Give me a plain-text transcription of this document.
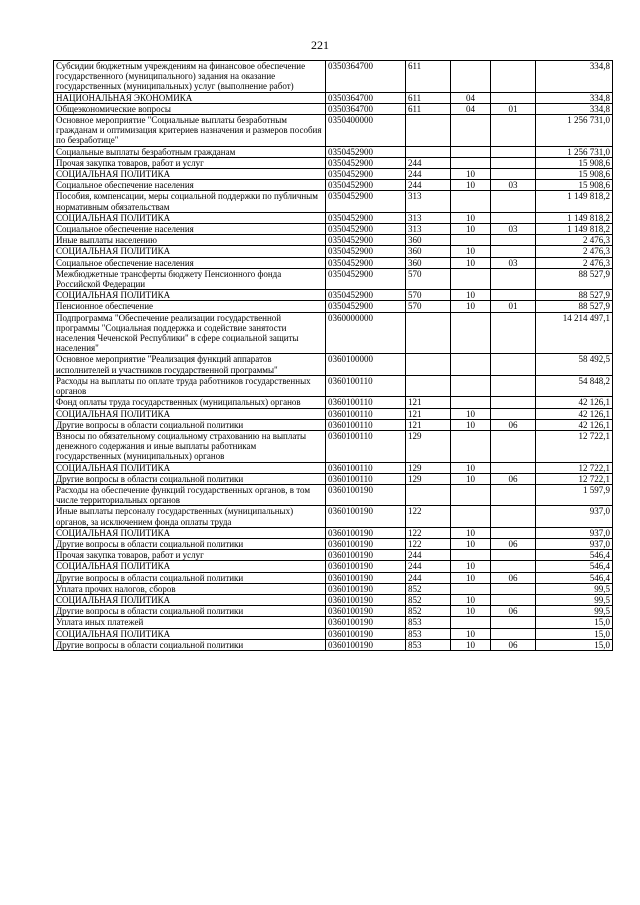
221
Субсидии бюджетным учреждениям на финансовое обеспечение государственного (муниципального) задания на оказание государственных (муниципальных) услуг (выполнение работ)	0350364700	611			334,8
НАЦИОНАЛЬНАЯ ЭКОНОМИКА	0350364700	611	04		334,8
Общеэкономические вопросы	0350364700	611	04	01	334,8
Основное мероприятие "Социальные выплаты безработным гражданам и оптимизация критериев назначения и размеров пособия по безработице"	0350400000				1 256 731,0
Социальные выплаты безработным гражданам	0350452900				1 256 731,0
Прочая закупка товаров, работ и услуг	0350452900	244			15 908,6
СОЦИАЛЬНАЯ ПОЛИТИКА	0350452900	244	10		15 908,6
Социальное обеспечение населения	0350452900	244	10	03	15 908,6
Пособия, компенсации, меры социальной поддержки по публичным нормативным обязательствам	0350452900	313			1 149 818,2
СОЦИАЛЬНАЯ ПОЛИТИКА	0350452900	313	10		1 149 818,2
Социальное обеспечение населения	0350452900	313	10	03	1 149 818,2
Иные выплаты населению	0350452900	360			2 476,3
СОЦИАЛЬНАЯ ПОЛИТИКА	0350452900	360	10		2 476,3
Социальное обеспечение населения	0350452900	360	10	03	2 476,3
Межбюджетные трансферты бюджету Пенсионного фонда Российской Федерации	0350452900	570			88 527,9
СОЦИАЛЬНАЯ ПОЛИТИКА	0350452900	570	10		88 527,9
Пенсионное обеспечение	0350452900	570	10	01	88 527,9
Подпрограмма "Обеспечение реализации государственной программы "Социальная поддержка и содействие занятости населения Чеченской Республики" в сфере социальной защиты населения"	0360000000				14 214 497,1
Основное мероприятие "Реализация функций аппаратов исполнителей и участников государственной программы"	0360100000				58 492,5
Расходы на выплаты по оплате труда работников государственных органов	0360100110				54 848,2
Фонд оплаты труда государственных (муниципальных) органов	0360100110	121			42 126,1
СОЦИАЛЬНАЯ ПОЛИТИКА	0360100110	121	10		42 126,1
Другие вопросы в области социальной политики	0360100110	121	10	06	42 126,1
Взносы по обязательному социальному страхованию на выплаты денежного содержания и иные выплаты работникам государственных (муниципальных) органов	0360100110	129			12 722,1
СОЦИАЛЬНАЯ ПОЛИТИКА	0360100110	129	10		12 722,1
Другие вопросы в области социальной политики	0360100110	129	10	06	12 722,1
Расходы на обеспечение функций государственных органов, в том числе территориальных органов	0360100190				1 597,9
Иные выплаты персоналу государственных (муниципальных) органов, за исключением фонда оплаты труда	0360100190	122			937,0
СОЦИАЛЬНАЯ ПОЛИТИКА	0360100190	122	10		937,0
Другие вопросы в области социальной политики	0360100190	122	10	06	937,0
Прочая закупка товаров, работ и услуг	0360100190	244			546,4
СОЦИАЛЬНАЯ ПОЛИТИКА	0360100190	244	10		546,4
Другие вопросы в области социальной политики	0360100190	244	10	06	546,4
Уплата прочих налогов, сборов	0360100190	852			99,5
СОЦИАЛЬНАЯ ПОЛИТИКА	0360100190	852	10		99,5
Другие вопросы в области социальной политики	0360100190	852	10	06	99,5
Уплата иных платежей	0360100190	853			15,0
СОЦИАЛЬНАЯ ПОЛИТИКА	0360100190	853	10		15,0
Другие вопросы в области социальной политики	0360100190	853	10	06	15,0
